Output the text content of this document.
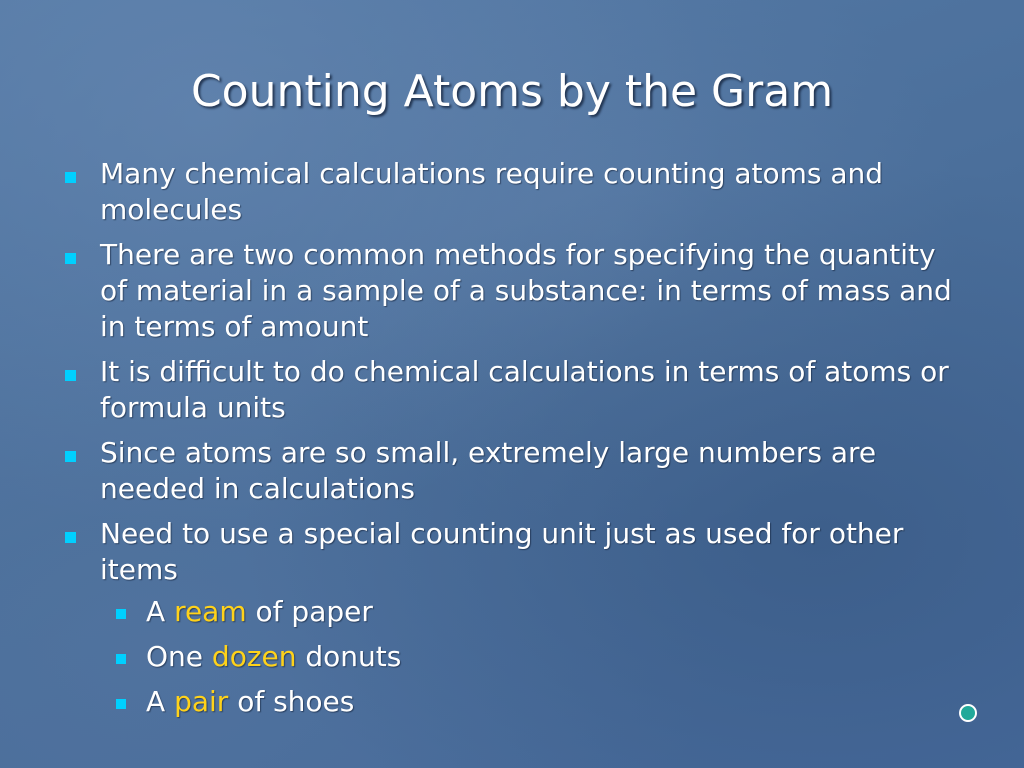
Counting Atoms by the Gram
Many chemical calculations require counting atoms and molecules
There are two common methods for specifying the quantity of material in a sample of a substance: in terms of mass and in terms of amount
It is difficult to do chemical calculations in terms of atoms or formula units
Since atoms are so small, extremely large numbers are needed in calculations
Need to use a special counting unit just as used for other items
A ream of paper
One dozen donuts
A pair of shoes
